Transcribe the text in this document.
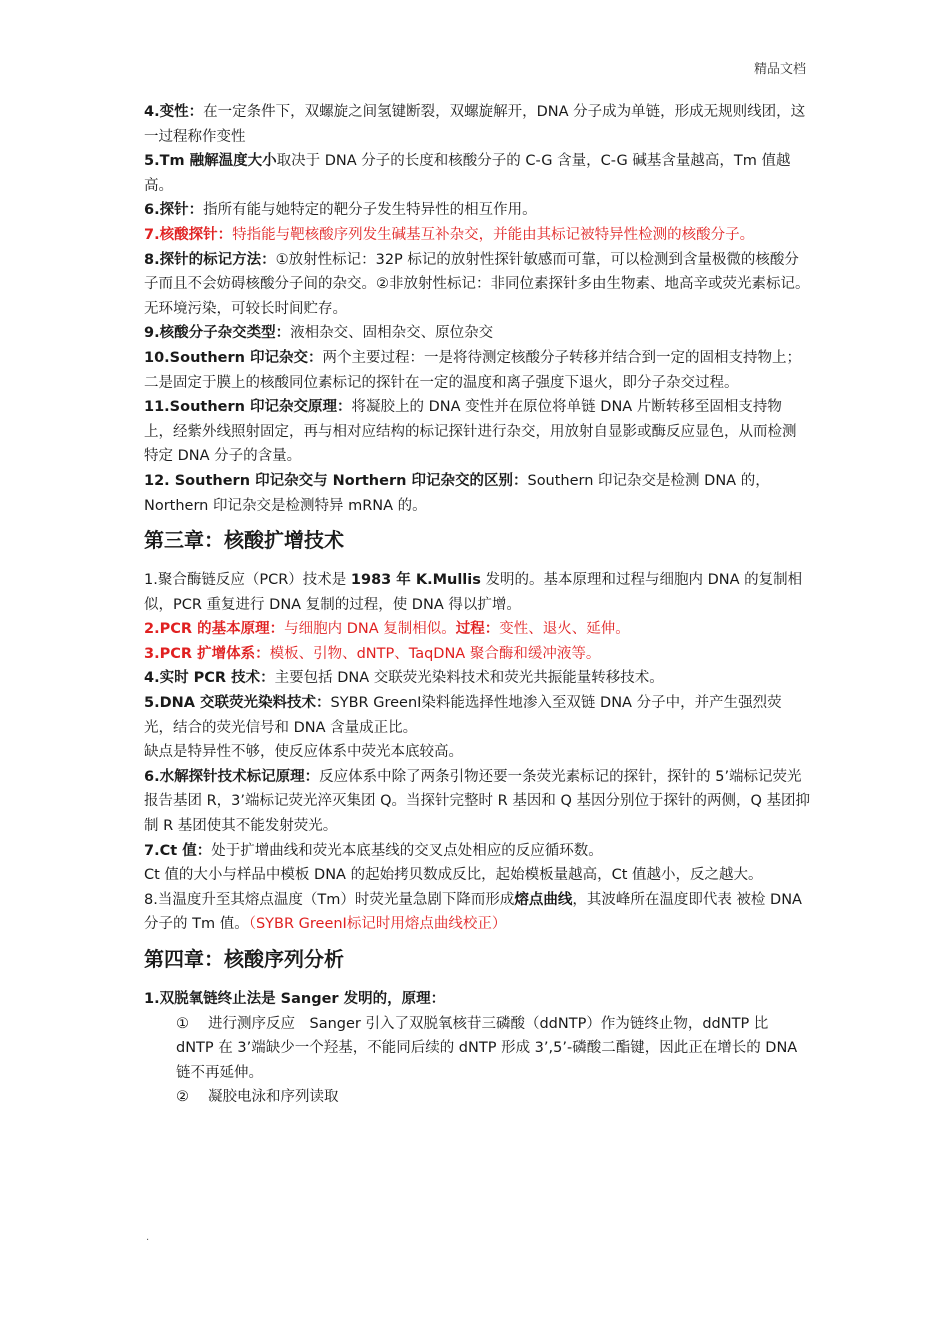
精品文档

4.变性：在一定条件下，双螺旋之间氢键断裂，双螺旋解开，DNA 分子成为单链，形成无规则线团，这一过程称作变性

5.Tm 融解温度大小取决于 DNA 分子的长度和核酸分子的 C-G 含量，C-G 碱基含量越高，Tm 值越高。

6.探针：指所有能与她特定的靶分子发生特异性的相互作用。

7.核酸探针：特指能与靶核酸序列发生碱基互补杂交，并能由其标记被特异性检测的核酸分子。

8.探针的标记方法：①放射性标记：32P 标记的放射性探针敏感而可靠，可以检测到含量极微的核酸分子而且不会妨碍核酸分子间的杂交。②非放射性标记：非同位素探针多由生物素、地高辛或荧光素标记。无环境污染，可较长时间贮存。

9.核酸分子杂交类型：液相杂交、固相杂交、原位杂交

10.Southern 印记杂交：两个主要过程：一是将待测定核酸分子转移并结合到一定的固相支持物上；二是固定于膜上的核酸同位素标记的探针在一定的温度和离子强度下退火，即分子杂交过程。

11.Southern 印记杂交原理：将凝胶上的 DNA 变性并在原位将单链 DNA 片断转移至固相支持物上，经紫外线照射固定，再与相对应结构的标记探针进行杂交，用放射自显影或酶反应显色，从而检测特定 DNA 分子的含量。

12. Southern 印记杂交与 Northern 印记杂交的区别：Southern 印记杂交是检测 DNA 的，Northern 印记杂交是检测特异 mRNA 的。

第三章：核酸扩增技术

1.聚合酶链反应（PCR）技术是 1983 年 K.Mullis 发明的。基本原理和过程与细胞内 DNA 的复制相似，PCR 重复进行 DNA 复制的过程，使 DNA 得以扩增。

2.PCR 的基本原理：与细胞内 DNA 复制相似。过程：变性、退火、延伸。

3.PCR 扩增体系：模板、引物、dNTP、TaqDNA 聚合酶和缓冲液等。

4.实时 PCR 技术：主要包括 DNA 交联荧光染料技术和荧光共振能量转移技术。

5.DNA 交联荧光染料技术：SYBR GreenⅠ染料能选择性地渗入至双链 DNA 分子中，并产生强烈荧光，结合的荧光信号和 DNA 含量成正比。

缺点是特异性不够，使反应体系中荧光本底较高。

6.水解探针技术标记原理：反应体系中除了两条引物还要一条荧光素标记的探针，探针的 5’端标记荧光报告基团 R，3’端标记荧光淬灭集团 Q。当探针完整时 R 基因和 Q 基因分别位于探针的两侧，Q 基团抑制 R 基团使其不能发射荧光。

7.Ct 值：处于扩增曲线和荧光本底基线的交叉点处相应的反应循环数。

Ct 值的大小与样品中模板 DNA 的起始拷贝数成反比，起始模板量越高，Ct 值越小，反之越大。

8.当温度升至其熔点温度（Tm）时荧光量急剧下降而形成熔点曲线，其波峰所在温度即代表 被检 DNA 分子的 Tm 值。（SYBR GreenⅠ标记时用熔点曲线校正）

第四章：核酸序列分析

1.双脱氧链终止法是 Sanger 发明的，原理：

① 进行测序反应　Sanger 引入了双脱氧核苷三磷酸（ddNTP）作为链终止物，ddNTP 比 dNTP 在 3’端缺少一个羟基，不能同后续的 dNTP 形成 3’,5’-磷酸二酯键，因此正在增长的 DNA 链不再延伸。

② 凝胶电泳和序列读取

.
